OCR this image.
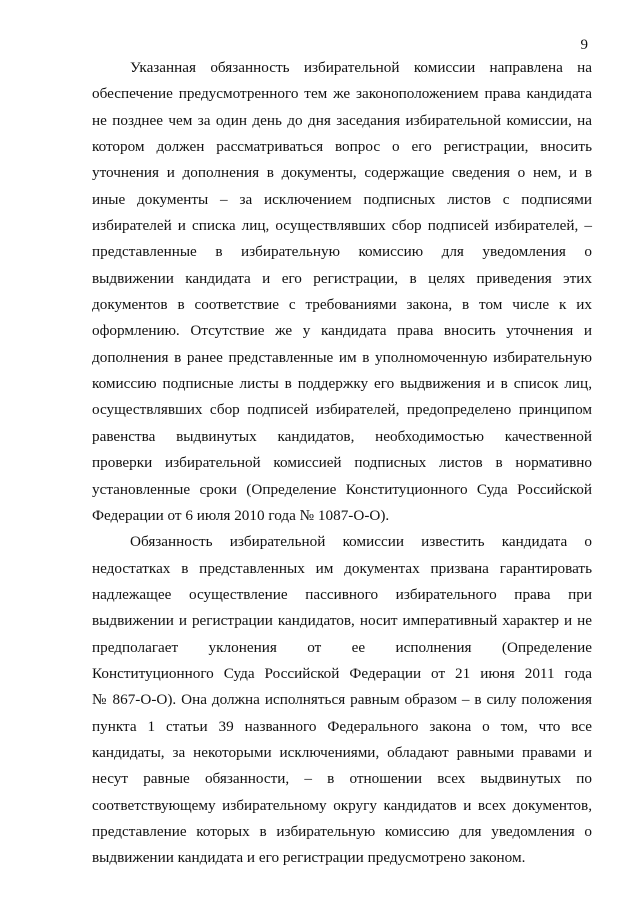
9
Указанная обязанность избирательной комиссии направлена на
обеспечение предусмотренного тем же законоположением права кандидата
не позднее чем за один день до дня заседания избирательной комиссии, на
котором должен рассматриваться вопрос о его регистрации, вносить
уточнения и дополнения в документы, содержащие сведения о нем, и в
иные документы – за исключением подписных листов с подписями
избирателей и списка лиц, осуществлявших сбор подписей избирателей, –
представленные в избирательную комиссию для уведомления о
выдвижении кандидата и его регистрации, в целях приведения этих
документов в соответствие с требованиями закона, в том числе к их
оформлению. Отсутствие же у кандидата права вносить уточнения и
дополнения в ранее представленные им в уполномоченную избирательную
комиссию подписные листы в поддержку его выдвижения и в список лиц,
осуществлявших сбор подписей избирателей, предопределено принципом
равенства выдвинутых кандидатов, необходимостью качественной
проверки избирательной комиссией подписных листов в нормативно
установленные сроки (Определение Конституционного Суда Российской
Федерации от 6 июля 2010 года № 1087-О-О).
Обязанность избирательной комиссии известить кандидата о
недостатках в представленных им документах призвана гарантировать
надлежащее осуществление пассивного избирательного права при
выдвижении и регистрации кандидатов, носит императивный характер и не
предполагает уклонения от ее исполнения (Определение
Конституционного Суда Российской Федерации от 21 июня 2011 года
№ 867-О-О). Она должна исполняться равным образом – в силу положения
пункта 1 статьи 39 названного Федерального закона о том, что все
кандидаты, за некоторыми исключениями, обладают равными правами и
несут равные обязанности, – в отношении всех выдвинутых по
соответствующему избирательному округу кандидатов и всех документов,
представление которых в избирательную комиссию для уведомления о
выдвижении кандидата и его регистрации предусмотрено законом.
